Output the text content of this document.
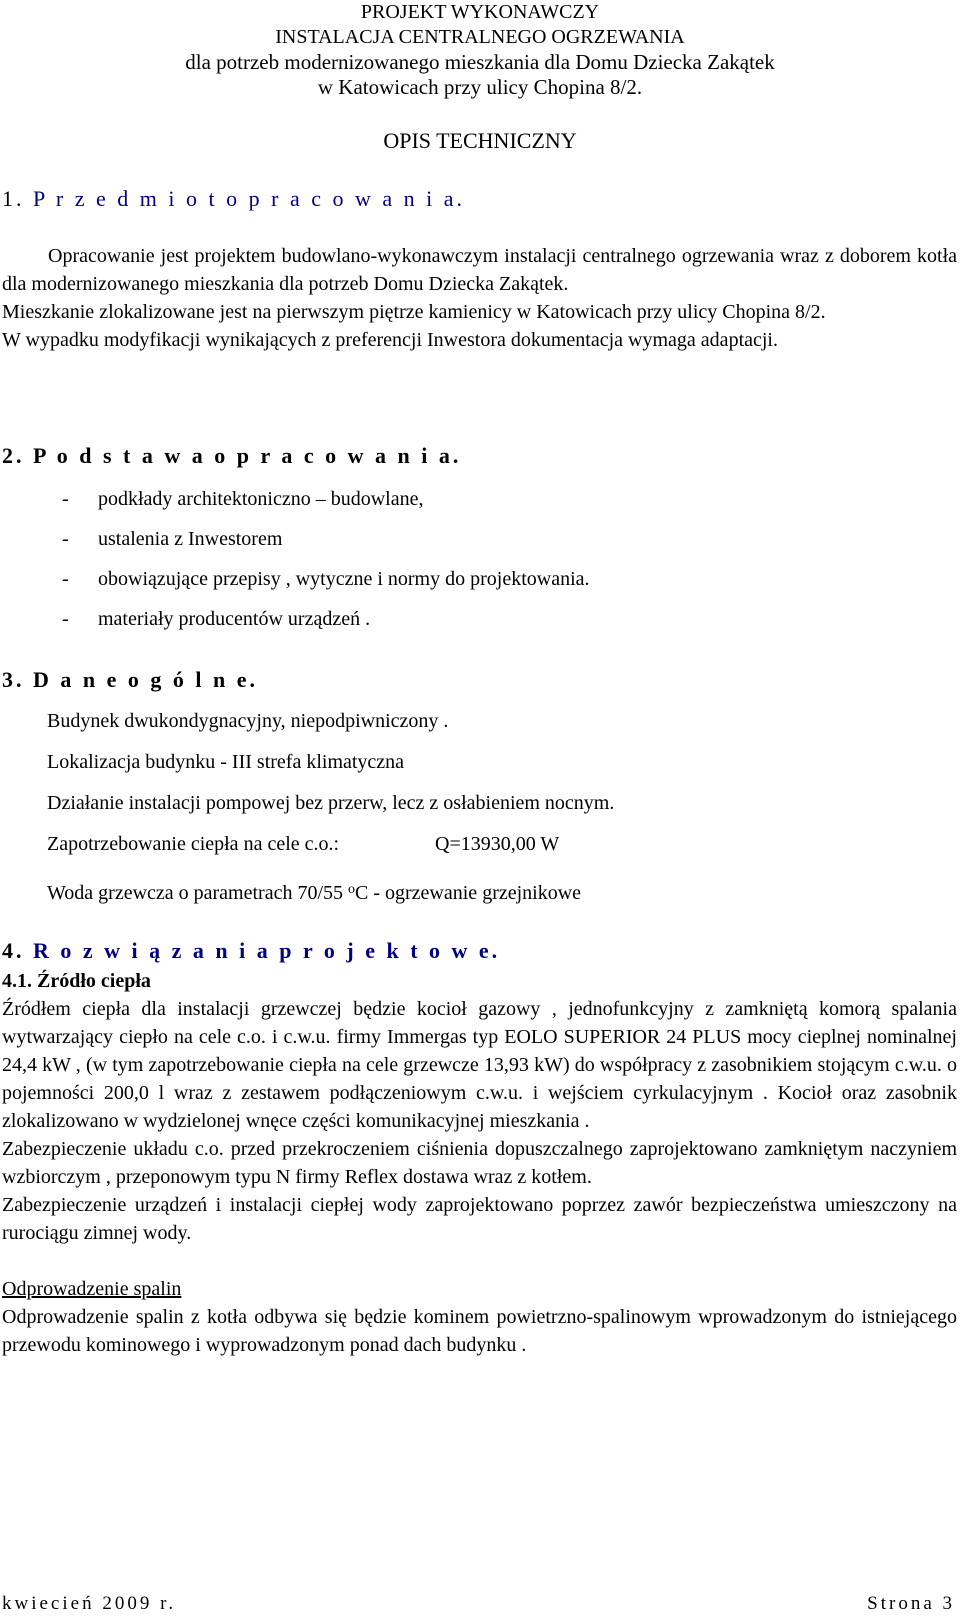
PROJEKT WYKONAWCZY
INSTALACJA CENTRALNEGO OGRZEWANIA
dla potrzeb modernizowanego mieszkania dla Domu Dziecka Zakątek
w Katowicach przy ulicy Chopina 8/2.
OPIS TECHNICZNY
1. P r z e d m i o t o p r a c o w a n i a.

Opracowanie jest projektem budowlano-wykonawczym instalacji centralnego ogrzewania wraz z doborem kotła dla modernizowanego mieszkania dla potrzeb Domu Dziecka Zakątek.

Mieszkanie zlokalizowane jest na pierwszym piętrze kamienicy w Katowicach przy ulicy Chopina 8/2.

W wypadku modyfikacji wynikających z preferencji Inwestora dokumentacja wymaga adaptacji.

2. P o d s t a w a o p r a c o w a n i a.
- podkłady architektoniczno – budowlane,
- ustalenia z Inwestorem
- obowiązujące przepisy , wytyczne i normy do projektowania.
- materiały producentów urządzeń .
3. D a n e o g ó l n e.
Budynek dwukondygnacyjny, niepodpiwniczony .
Lokalizacja budynku - III strefa klimatyczna
Działanie instalacji pompowej bez przerw, lecz z osłabieniem nocnym.
Zapotrzebowanie ciepła na cele c.o.:	Q=13930,00 W
Woda grzewcza o parametrach 70/55 $^o$C - ogrzewanie grzejnikowe
4. R o z w i ą z a n i a p r o j e k t o w e.
4.1. Źródło ciepła

Źródłem ciepła dla instalacji grzewczej będzie kocioł gazowy , jednofunkcyjny z zamkniętą komorą spalania wytwarzający ciepło na cele c.o. i c.w.u. firmy Immergas typ EOLO SUPERIOR 24 PLUS mocy cieplnej nominalnej 24,4 kW , (w tym zapotrzebowanie ciepła na cele grzewcze 13,93 kW) do współpracy z zasobnikiem stojącym c.w.u. o pojemności 200,0 l wraz z zestawem podłączeniowym c.w.u. i wejściem cyrkulacyjnym . Kocioł oraz zasobnik zlokalizowano w wydzielonej wnęce części komunikacyjnej mieszkania .

Zabezpieczenie układu c.o. przed przekroczeniem ciśnienia dopuszczalnego zaprojektowano zamkniętym naczyniem wzbiorczym , przeponowym typu N firmy Reflex dostawa wraz z kotłem.

Zabezpieczenie urządzeń i instalacji ciepłej wody zaprojektowano poprzez zawór bezpieczeństwa umieszczony na rurociągu zimnej wody.

Odprowadzenie spalin

Odprowadzenie spalin z kotła odbywa się będzie kominem powietrzno-spalinowym wprowadzonym do istniejącego przewodu kominowego i wyprowadzonym ponad dach budynku .

kwiecień 2009 r.	Strona 3
